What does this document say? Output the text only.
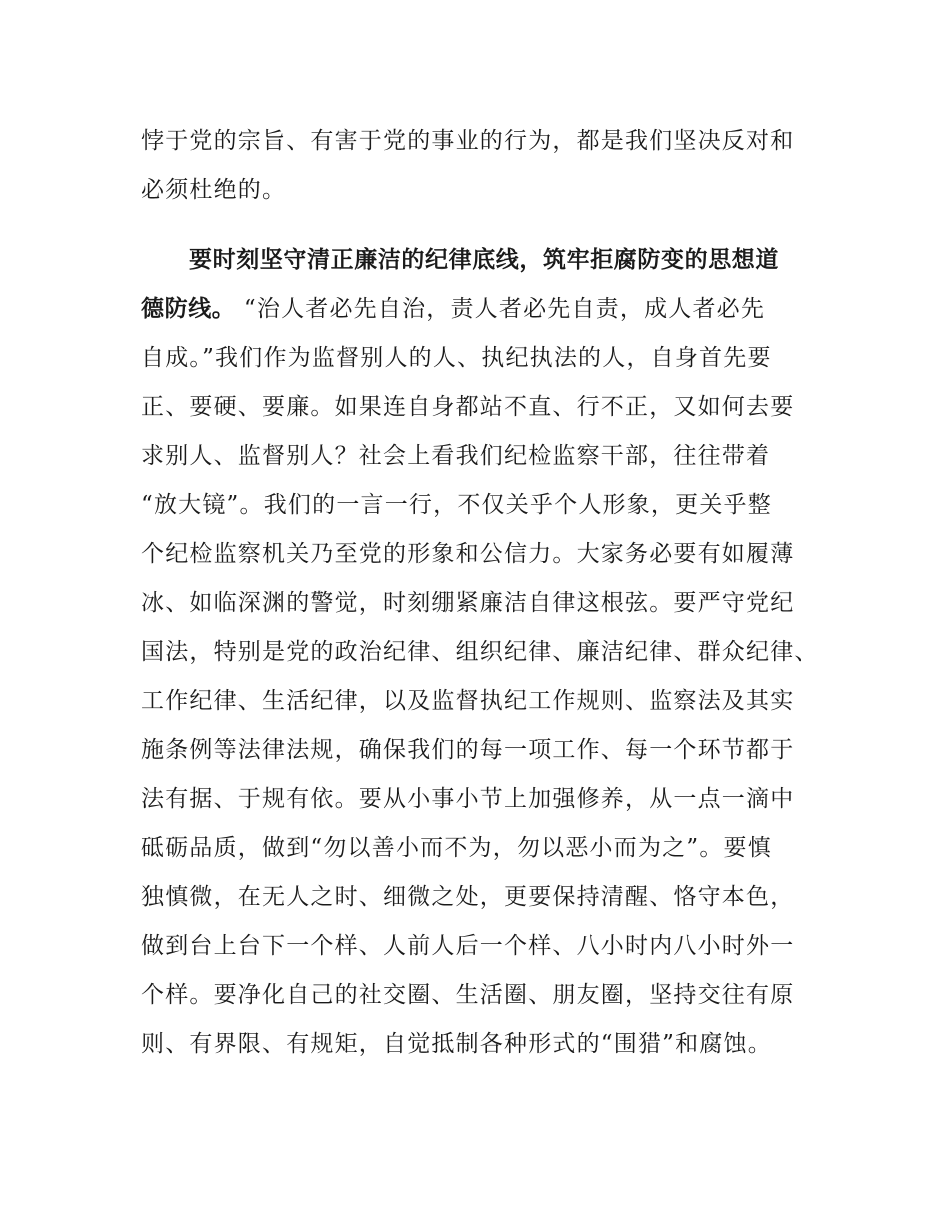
悖于党的宗旨、有害于党的事业的行为，都是我们坚决反对和
必须杜绝的。
要时刻坚守清正廉洁的纪律底线，筑牢拒腐防变的思想道
德防线。 “治人者必先自治，责人者必先自责，成人者必先
自成。”我们作为监督别人的人、执纪执法的人，自身首先要
正、要硬、要廉。如果连自身都站不直、行不正，又如何去要
求别人、监督别人？社会上看我们纪检监察干部，往往带着
“放大镜”。我们的一言一行，不仅关乎个人形象，更关乎整
个纪检监察机关乃至党的形象和公信力。大家务必要有如履薄
冰、如临深渊的警觉，时刻绷紧廉洁自律这根弦。要严守党纪
国法，特别是党的政治纪律、组织纪律、廉洁纪律、群众纪律、
工作纪律、生活纪律，以及监督执纪工作规则、监察法及其实
施条例等法律法规，确保我们的每一项工作、每一个环节都于
法有据、于规有依。要从小事小节上加强修养，从一点一滴中
砥砺品质，做到“勿以善小而不为，勿以恶小而为之”。要慎
独慎微，在无人之时、细微之处，更要保持清醒、恪守本色，
做到台上台下一个样、人前人后一个样、八小时内八小时外一
个样。要净化自己的社交圈、生活圈、朋友圈，坚持交往有原
则、有界限、有规矩，自觉抵制各种形式的“围猎”和腐蚀。
